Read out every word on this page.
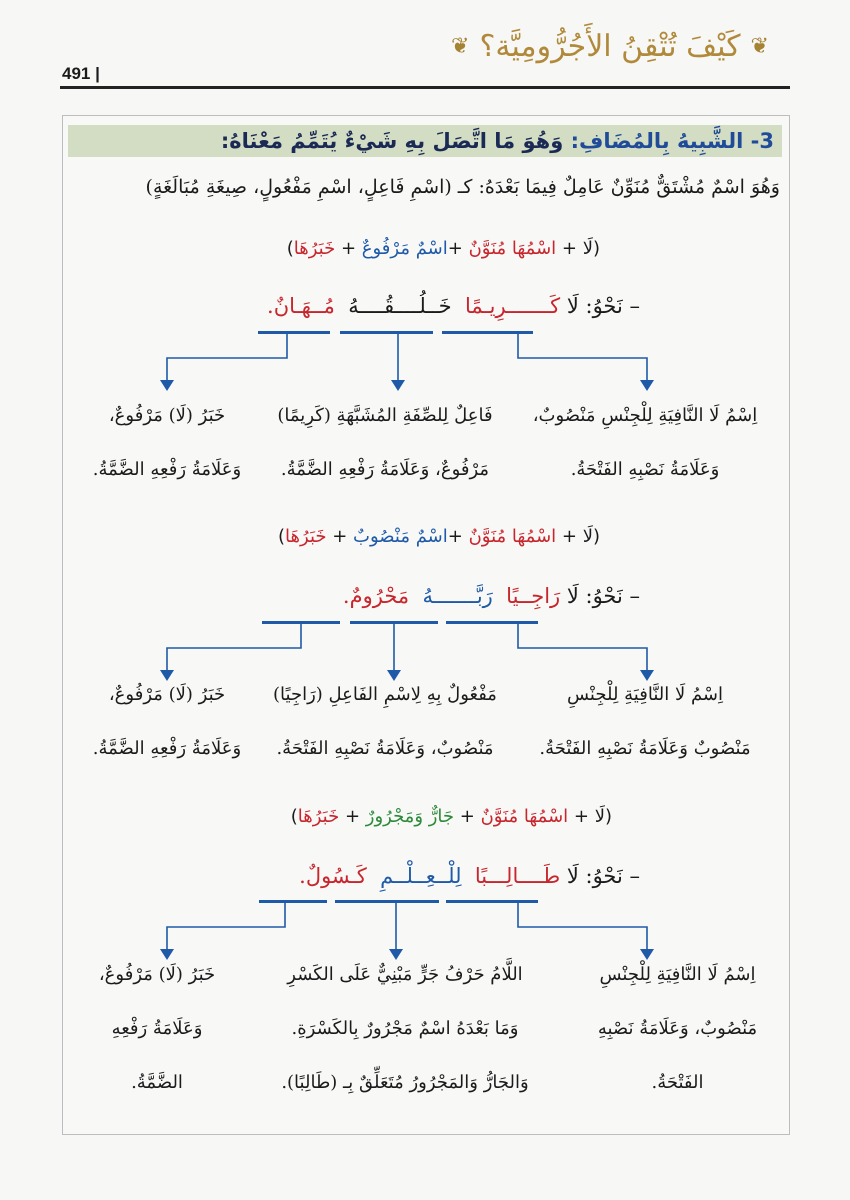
❦ كَيْفَ تُتْقِنُ الأَجُرُّومِيَّة؟ ❦
491 |
3- الشَّبِيهُ بِالمُضَافِ: وَهُوَ مَا اتَّصَلَ بِهِ شَيْءٌ يُتَمِّمُ مَعْنَاهُ:
وَهُوَ اسْمٌ مُشْتَقٌّ مُنَوِّنٌ عَامِلٌ فِيمَا بَعْدَهُ: كـ (اسْمِ فَاعِلٍ، اسْمِ مَفْعُولٍ، صِيغَةِ مُبَالَغَةٍ)
(لَا + اسْمُهَا مُنَوَّنٌ +اسْمٌ مَرْفُوعٌ + خَبَرُهَا)
– نَحْوُ: لَا كَـــــــرِيـمًا  خَــلُــــقُــــهُ  مُــهَـانٌ.
اِسْمُ لَا النَّافِيَةِ لِلْجِنْسِ مَنْصُوبٌ،
وَعَلَامَةُ نَصْبِهِ الفَتْحَةُ.
فَاعِلٌ لِلصِّفَةِ المُشَبَّهَةِ (كَرِيمًا)
مَرْفُوعٌ، وَعَلَامَةُ رَفْعِهِ الضَّمَّةُ.
خَبَرُ (لَا) مَرْفُوعٌ،
وَعَلَامَةُ رَفْعِهِ الضَّمَّةُ.
(لَا + اسْمُهَا مُنَوَّنٌ +اسْمٌ مَنْصُوبٌ + خَبَرُهَا)
– نَحْوُ: لَا رَاجِــيًا  رَبَّـــــــهُ  مَحْرُومٌ.
اِسْمُ لَا النَّافِيَةِ لِلْجِنْسِ
مَنْصُوبٌ وَعَلَامَةُ نَصْبِهِ الفَتْحَةُ.
مَفْعُولٌ بِهِ لِاسْمِ الفَاعِلِ (رَاجِيًا)
مَنْصُوبٌ، وَعَلَامَةُ نَصْبِهِ الفَتْحَةُ.
خَبَرُ (لَا) مَرْفُوعٌ،
وَعَلَامَةُ رَفْعِهِ الضَّمَّةُ.
(لَا + اسْمُهَا مُنَوَّنٌ + جَارٌّ وَمَجْرُورٌ + خَبَرُهَا)
– نَحْوُ: لَا طَــــالِـــبًا  لِلْــعِــلْــمِ  كَـسُولٌ.
اِسْمُ لَا النَّافِيَةِ لِلْجِنْسِ
مَنْصُوبٌ، وَعَلَامَةُ نَصْبِهِ
الفَتْحَةُ.
اللَّامُ حَرْفُ جَرٍّ مَبْنِيٌّ عَلَى الكَسْرِ
وَمَا بَعْدَهُ اسْمٌ مَجْرُورٌ بِالكَسْرَةِ.
وَالجَارُّ وَالمَجْرُورُ مُتَعَلِّقٌ بِـ (طَالِبًا).
خَبَرُ (لَا) مَرْفُوعٌ،
وَعَلَامَةُ رَفْعِهِ
الضَّمَّةُ.
